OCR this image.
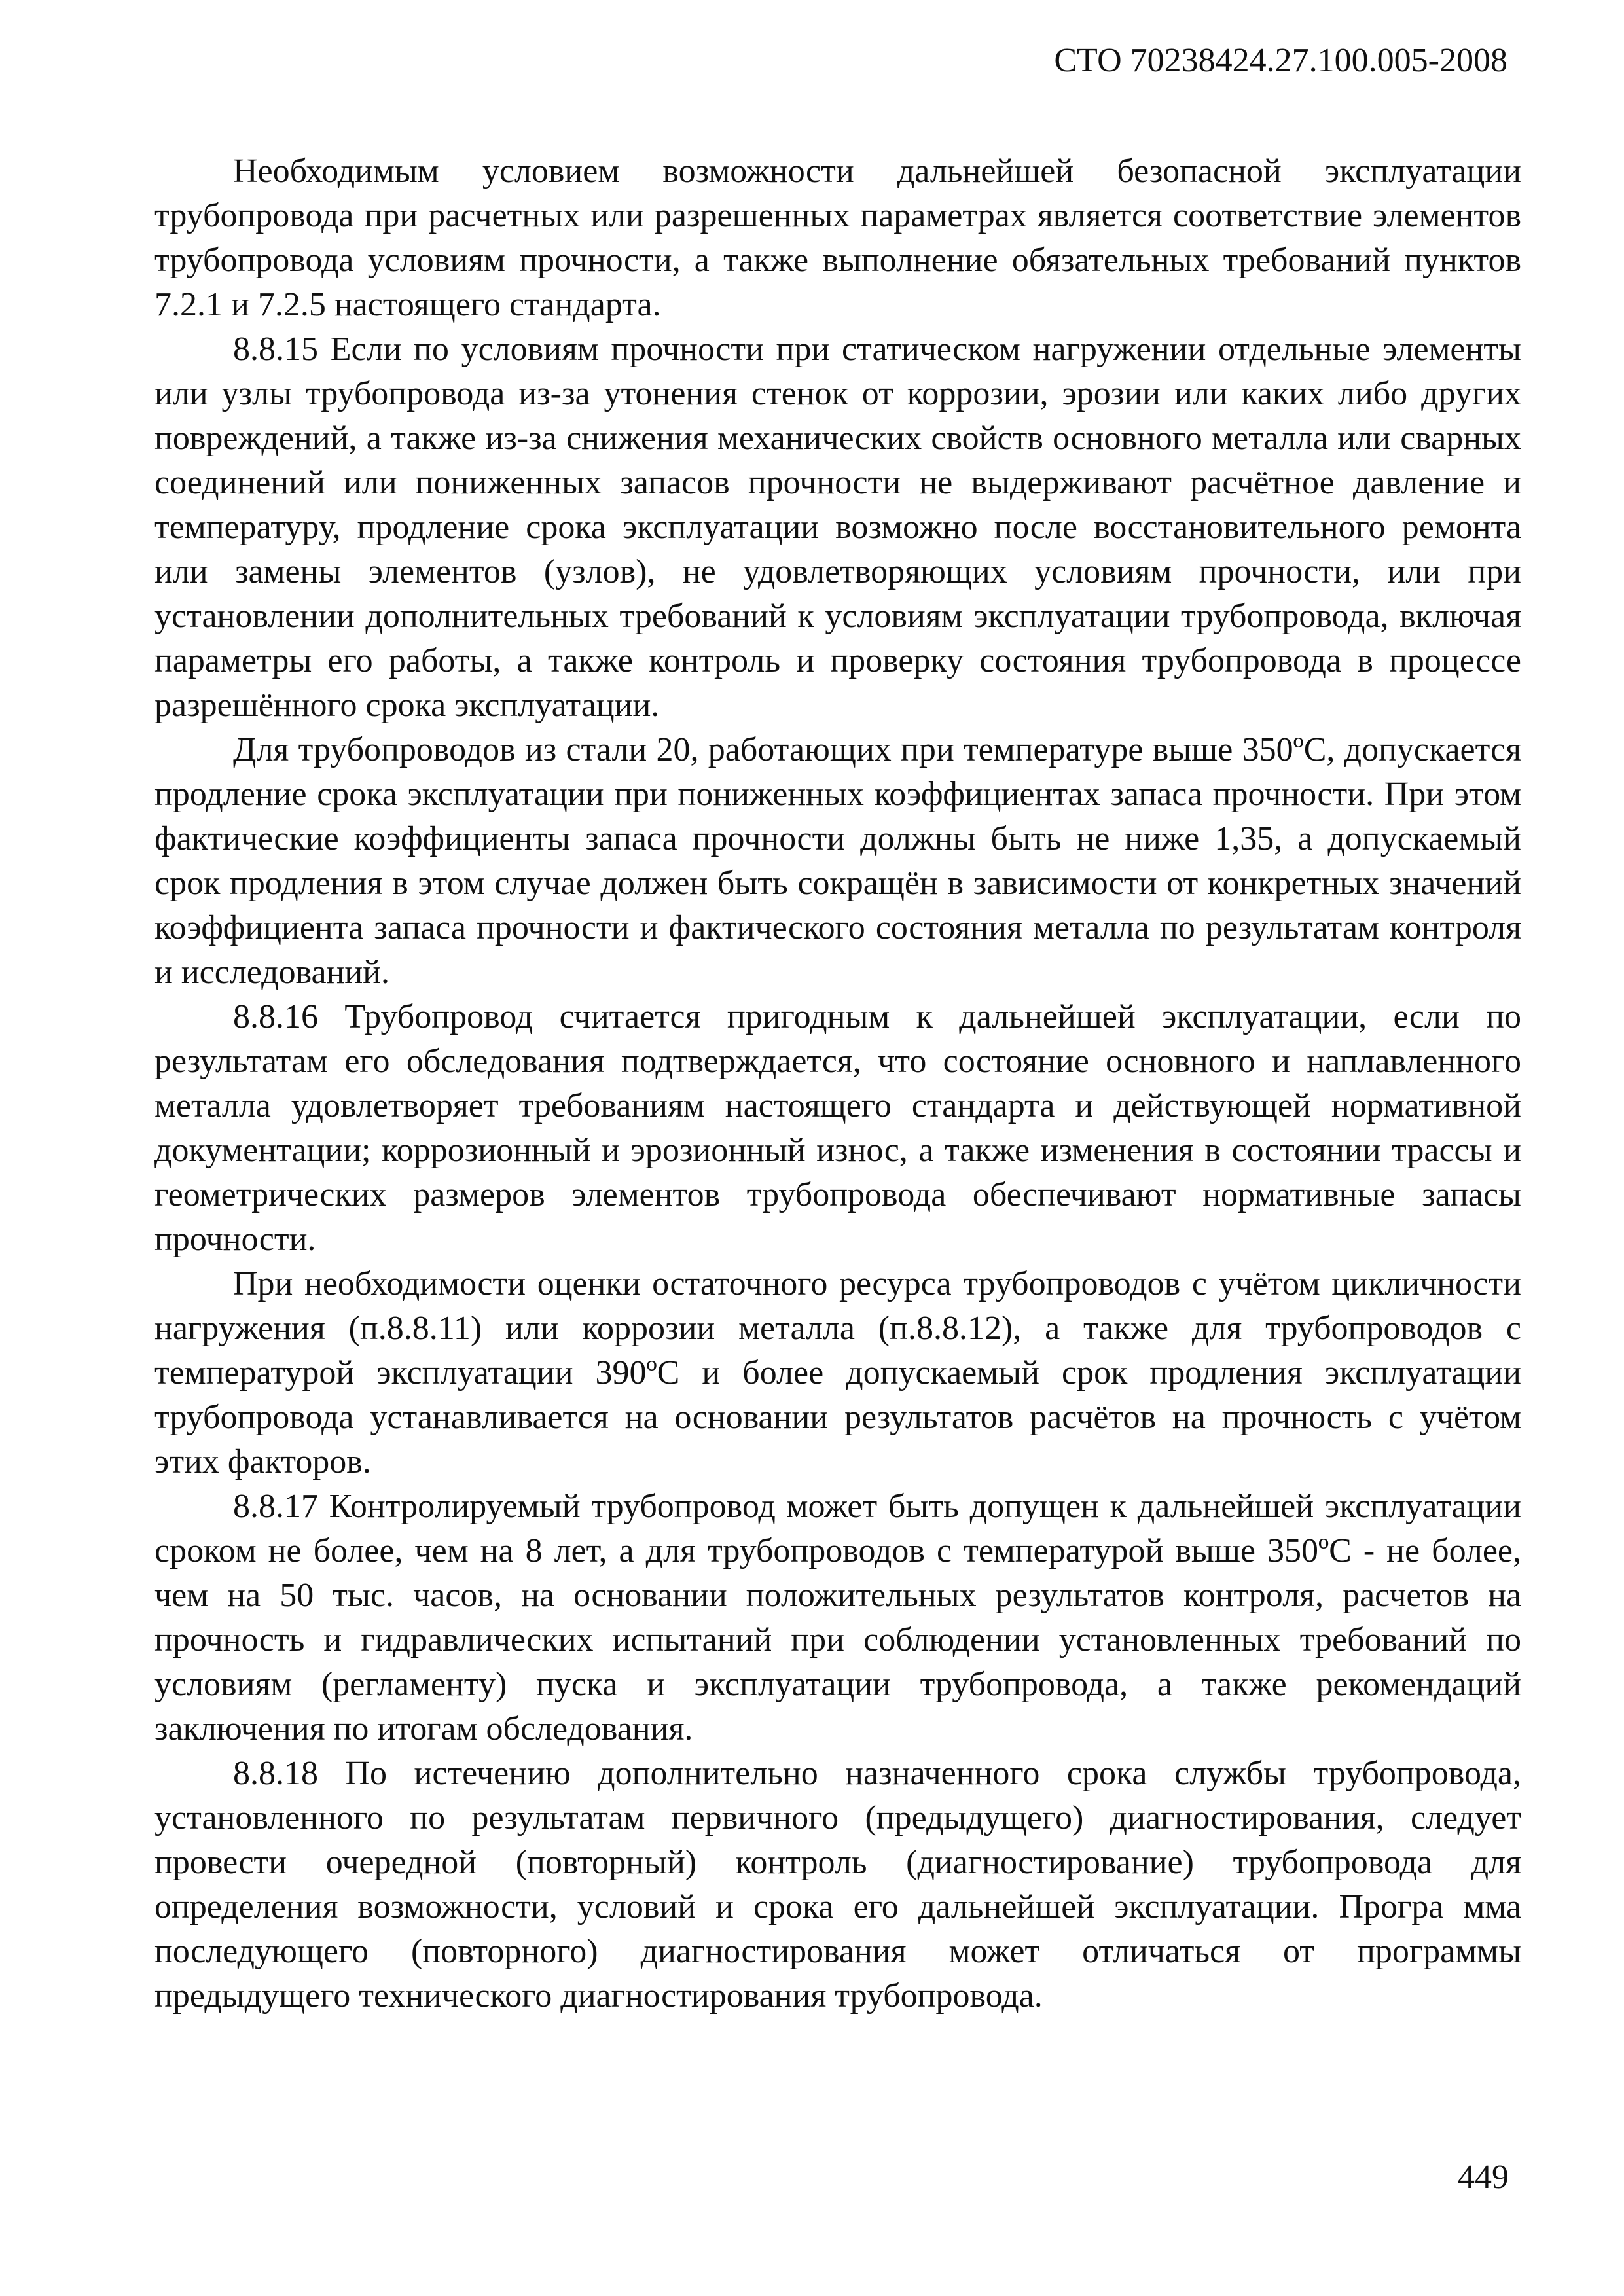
СТО 70238424.27.100.005-2008

Необходимым условием возможности дальнейшей безопасной эксплуатации трубопровода при расчетных или разрешенных параметрах является соответствие элементов трубопровода условиям прочности, а также выполнение обязательных требований пунктов 7.2.1 и 7.2.5 настоящего стандарта.

8.8.15 Если по условиям прочности при статическом нагружении отдельные элементы или узлы трубопровода из-за утонения стенок от коррозии, эрозии или каких либо других повреждений, а также из-за снижения механических свойств основного металла или сварных соединений или пониженных запасов прочности не выдерживают расчётное давление и температуру, продление срока эксплуатации возможно после восстановительного ремонта или замены элементов (узлов), не удовлетворяющих условиям прочности, или при установлении дополнительных требований к условиям эксплуатации трубопровода, включая параметры его работы, а также контроль и проверку состояния трубопровода в процессе разрешённого срока эксплуатации.

Для трубопроводов из стали 20, работающих при температуре выше 350ºС, допускается продление срока эксплуатации при пониженных коэффициентах запаса прочности. При этом фактические коэффициенты запаса прочности должны быть не ниже 1,35, а допускаемый срок продления в этом случае должен быть сокращён в зависимости от конкретных значений коэффициента запаса прочности и фактического состояния металла по результатам контроля и исследований.

8.8.16 Трубопровод считается пригодным к дальнейшей эксплуатации, если по результатам его обследования подтверждается, что состояние основного и наплавленного металла удовлетворяет требованиям настоящего стандарта и действующей нормативной документации; коррозионный и эрозионный износ, а также изменения в состоянии трассы и геометрических размеров элементов трубопровода обеспечивают нормативные запасы прочности.

При необходимости оценки остаточного ресурса трубопроводов с учётом цикличности нагружения (п.8.8.11) или коррозии металла (п.8.8.12), а также для трубопроводов с температурой эксплуатации 390ºС и более допускаемый срок продления эксплуатации трубопровода устанавливается на основании результатов расчётов на прочность с учётом этих факторов.

8.8.17 Контролируемый трубопровод может быть допущен к дальнейшей эксплуатации сроком не более, чем на 8 лет, а для трубопроводов с температурой выше 350ºС - не более, чем на 50 тыс. часов, на основании положительных результатов контроля, расчетов на прочность и гидравлических испытаний при соблюдении установленных требований по условиям (регламенту) пуска и эксплуатации трубопровода, а также рекомендаций заключения по итогам обследования.

8.8.18 По истечению дополнительно назначенного срока службы трубопровода, установленного по результатам первичного (предыдущего) диагностирования, следует провести очередной (повторный) контроль (диагностирование) трубопровода для определения возможности, условий и срока его дальнейшей эксплуатации. Програ мма последующего (повторного) диагностирования может отличаться от программы предыдущего технического диагностирования трубопровода.

449
